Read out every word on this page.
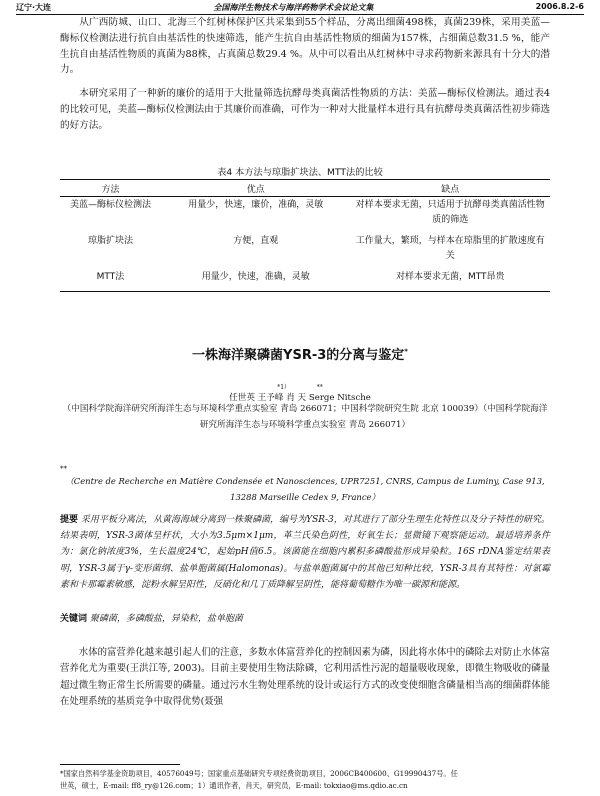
辽宁·大连	全国海洋生物技术与海洋药物学术会议论文集	2006.8.2-6
从广西防城、山口、北海三个红树林保护区共采集到55个样品，分离出细菌498株，真菌239株，采用美蓝—酶标仪检测法进行抗自由基活性的快速筛选，能产生抗自由基活性物质的细菌为157株，占细菌总数31.5 %，能产生抗自由基活性物质的真菌为88株，占真菌总数29.4 %。从中可以看出从红树林中寻求药物新来源具有十分大的潜力。
本研究采用了一种新的廉价的适用于大批量筛选抗酵母类真菌活性物质的方法：美蓝—酶标仪检测法。通过表4的比较可见，美蓝—酶标仪检测法由于其廉价而准确，可作为一种对大批量样本进行具有抗酵母类真菌活性初步筛选的好方法。
表4 本方法与琼脂扩块法、MTT法的比较
方法	优点	缺点
美蓝—酶标仪检测法	用量少，快速，廉价，准确，灵敏	对样本要求无菌，只适用于抗酵母类真菌活性物质的筛选
琼脂扩块法	方便，直观	工作量大，繁琐，与样本在琼脂里的扩散速度有关
MTT法	用量少，快速，准确，灵敏	对样本要求无菌，MTT昂贵
一株海洋聚磷菌YSR-3的分离与鉴定*
*1）              **
任世英 王予峰 肖 天 Serge Nitsche
（中国科学院海洋研究所海洋生态与环境科学重点实验室 青岛 266071；中国科学院研究生院 北京 100039）（中国科学院海洋研究所海洋生态与环境科学重点实验室 青岛 266071）
**
（Centre de Recherche en Matière Condensée et Nanosciences, UPR7251, CNRS, Campus de Luminy, Case 913, 13288 Marseille Cedex 9, France）
提要 采用平板分离法，从黄海海域分离到一株聚磷菌，编号为YSR-3，对其进行了部分生理生化特性以及分子特性的研究。结果表明，YSR-3菌体呈杆状，大小为3.5μm×1μm，革兰氏染色阴性，好氧生长；显微镜下观察能运动。最适培养条件为：氯化钠浓度3%，生长温度24℃，起始pH值6.5。该菌能在细胞内累积多磷酸盐形成异染粒。16S rDNA鉴定结果表明，YSR-3属于γ-变形菌纲、盐单胞菌属(Halomonas)。与盐单胞菌属中的其他已知种比较，YSR-3具有其特性：对氯霉素和卡那霉素敏感，淀粉水解呈阳性，反硝化和几丁质降解呈阴性，能将葡萄糖作为唯一碳源和能源。
关键词 聚磷菌，多磷酸盐，异染粒，盐单胞菌
水体的富营养化越来越引起人们的注意，多数水体富营养化的控制因素为磷，因此将水体中的磷除去对防止水体富营养化尤为重要(王洪江等, 2003)。目前主要使用生物法除磷，它利用活性污泥的超量吸收现象，即微生物吸收的磷量超过微生物正常生长所需要的磷量。通过污水生物处理系统的设计或运行方式的改变使细胞含磷量相当高的细菌群体能在处理系统的基质竞争中取得优势(聂强
*国家自然科学基金资助项目，40576049号；国家重点基础研究专项经费资助项目，2006CB400600、G19990437号。任
世英，硕士，E-mail: ff8_ry@126.com；1）通讯作者，肖天，研究员，E-mail: tokxiao@ms.qdio.ac.cn
